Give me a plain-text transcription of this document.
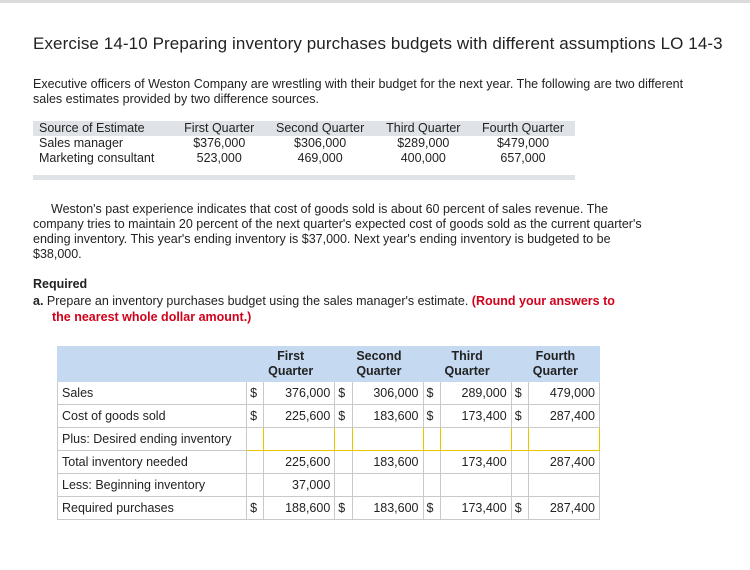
Exercise 14-10 Preparing inventory purchases budgets with different assumptions LO 14-3

Executive officers of Weston Company are wrestling with their budget for the next year. The following are two different sales estimates provided by two difference sources.

Source of Estimate	First Quarter	Second Quarter	Third Quarter	Fourth Quarter
Sales manager	$376,000	$306,000	$289,000	$479,000
Marketing consultant	523,000	469,000	400,000	657,000

Weston's past experience indicates that cost of goods sold is about 60 percent of sales revenue. The company tries to maintain 20 percent of the next quarter's expected cost of goods sold as the current quarter's ending inventory. This year's ending inventory is $37,000. Next year's ending inventory is budgeted to be $38,000.

Required
a. Prepare an inventory purchases budget using the sales manager's estimate. (Round your answers to
the nearest whole dollar amount.)
	First
Quarter		Second
Quarter		Third
Quarter		Fourth
Quarter	
Sales	$	376,000	$	306,000	$	289,000	$	479,000
Cost of goods sold	$	225,600	$	183,600	$	173,400	$	287,400
Plus: Desired ending inventory								
Total inventory needed		225,600		183,600		173,400		287,400
Less: Beginning inventory		37,000						
Required purchases	$	188,600	$	183,600	$	173,400	$	287,400
